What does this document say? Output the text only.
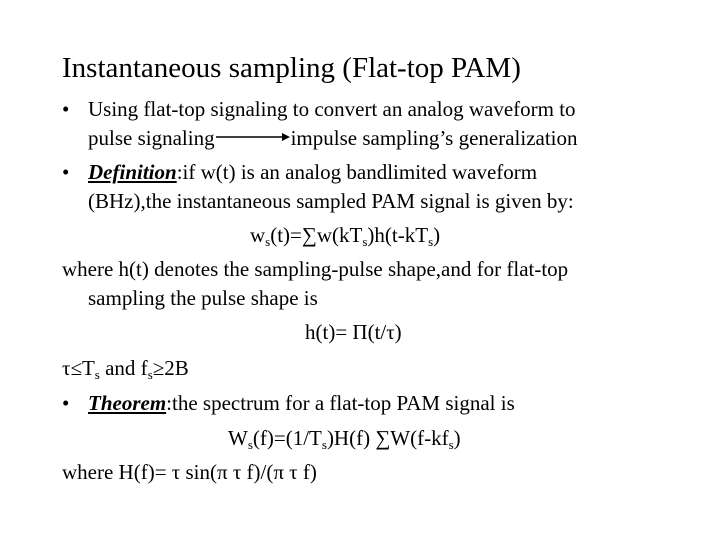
Instantaneous sampling (Flat-top PAM)
• Using flat-top signaling to convert an analog waveform to
pulse signaling	impulse sampling’s generalization
• Definition:if w(t) is an analog bandlimited waveform
(BHz),the instantaneous sampled PAM signal is given by:
$w_s(t)=\sum w(kT_s)h(t-kT_s)$
where h(t) denotes the sampling-pulse shape,and for flat-top
sampling the pulse shape is
h(t)= Π(t/τ)
$\tau\le T_s$ and $f_s\ge 2B$
• Theorem:the spectrum for a flat-top PAM signal is
$W_s(f)=(1/T_s)H(f)$ $\sum W(f-kf_s)$
where H(f)= τ sin(π τ f)/(π τ f)
